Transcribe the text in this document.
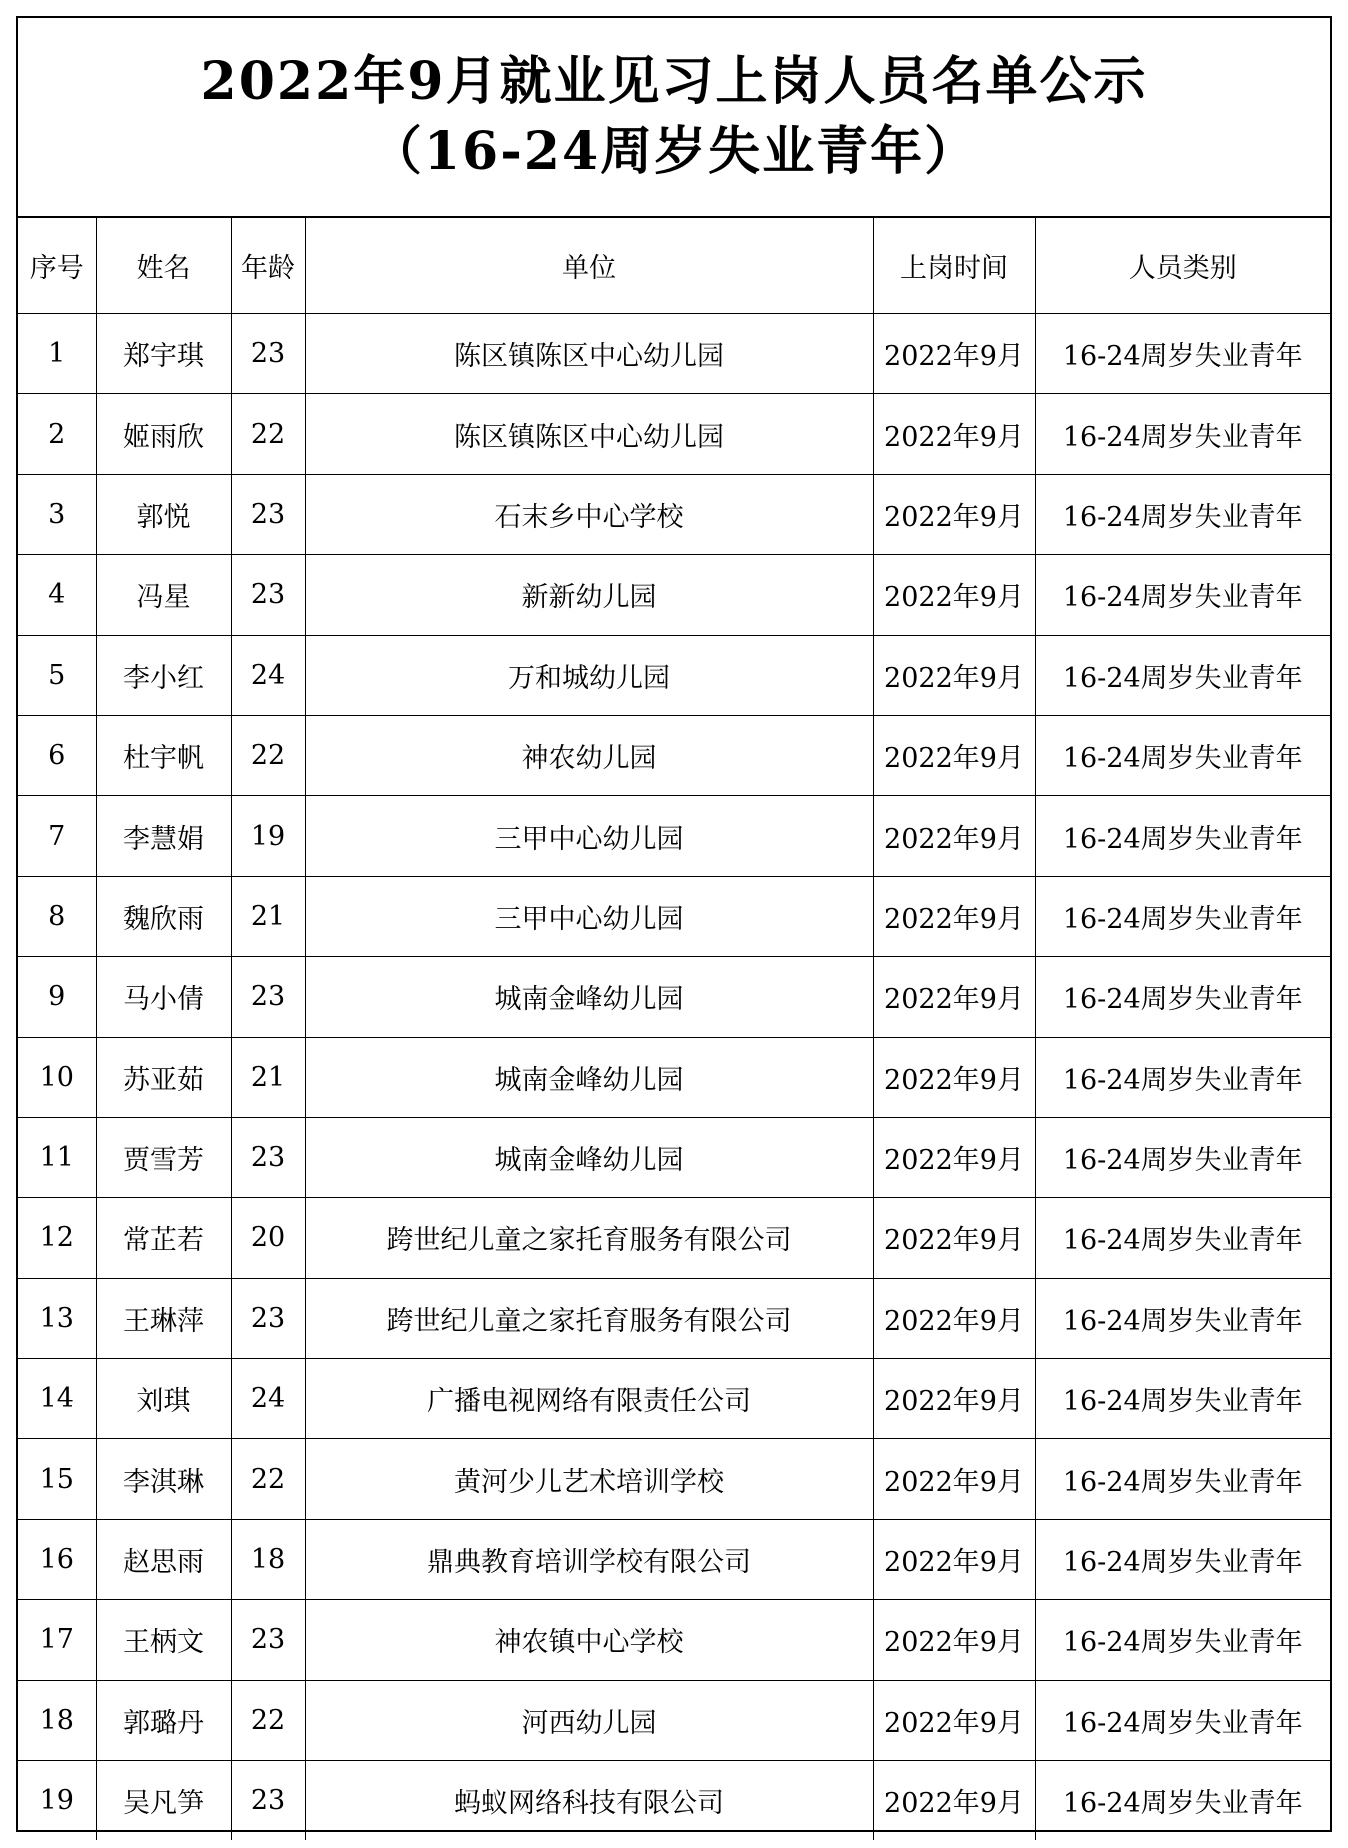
2022年9月就业见习上岗人员名单公示
（16-24周岁失业青年）
序号	姓名	年龄	单位	上岗时间	人员类别
1	郑宇琪	23	陈区镇陈区中心幼儿园	2022年9月	16-24周岁失业青年
2	姬雨欣	22	陈区镇陈区中心幼儿园	2022年9月	16-24周岁失业青年
3	郭悦	23	石末乡中心学校	2022年9月	16-24周岁失业青年
4	冯星	23	新新幼儿园	2022年9月	16-24周岁失业青年
5	李小红	24	万和城幼儿园	2022年9月	16-24周岁失业青年
6	杜宇帆	22	神农幼儿园	2022年9月	16-24周岁失业青年
7	李慧娟	19	三甲中心幼儿园	2022年9月	16-24周岁失业青年
8	魏欣雨	21	三甲中心幼儿园	2022年9月	16-24周岁失业青年
9	马小倩	23	城南金峰幼儿园	2022年9月	16-24周岁失业青年
10	苏亚茹	21	城南金峰幼儿园	2022年9月	16-24周岁失业青年
11	贾雪芳	23	城南金峰幼儿园	2022年9月	16-24周岁失业青年
12	常芷若	20	跨世纪儿童之家托育服务有限公司	2022年9月	16-24周岁失业青年
13	王琳萍	23	跨世纪儿童之家托育服务有限公司	2022年9月	16-24周岁失业青年
14	刘琪	24	广播电视网络有限责任公司	2022年9月	16-24周岁失业青年
15	李淇琳	22	黄河少儿艺术培训学校	2022年9月	16-24周岁失业青年
16	赵思雨	18	鼎典教育培训学校有限公司	2022年9月	16-24周岁失业青年
17	王柄文	23	神农镇中心学校	2022年9月	16-24周岁失业青年
18	郭璐丹	22	河西幼儿园	2022年9月	16-24周岁失业青年
19	吴凡笋	23	蚂蚁网络科技有限公司	2022年9月	16-24周岁失业青年
